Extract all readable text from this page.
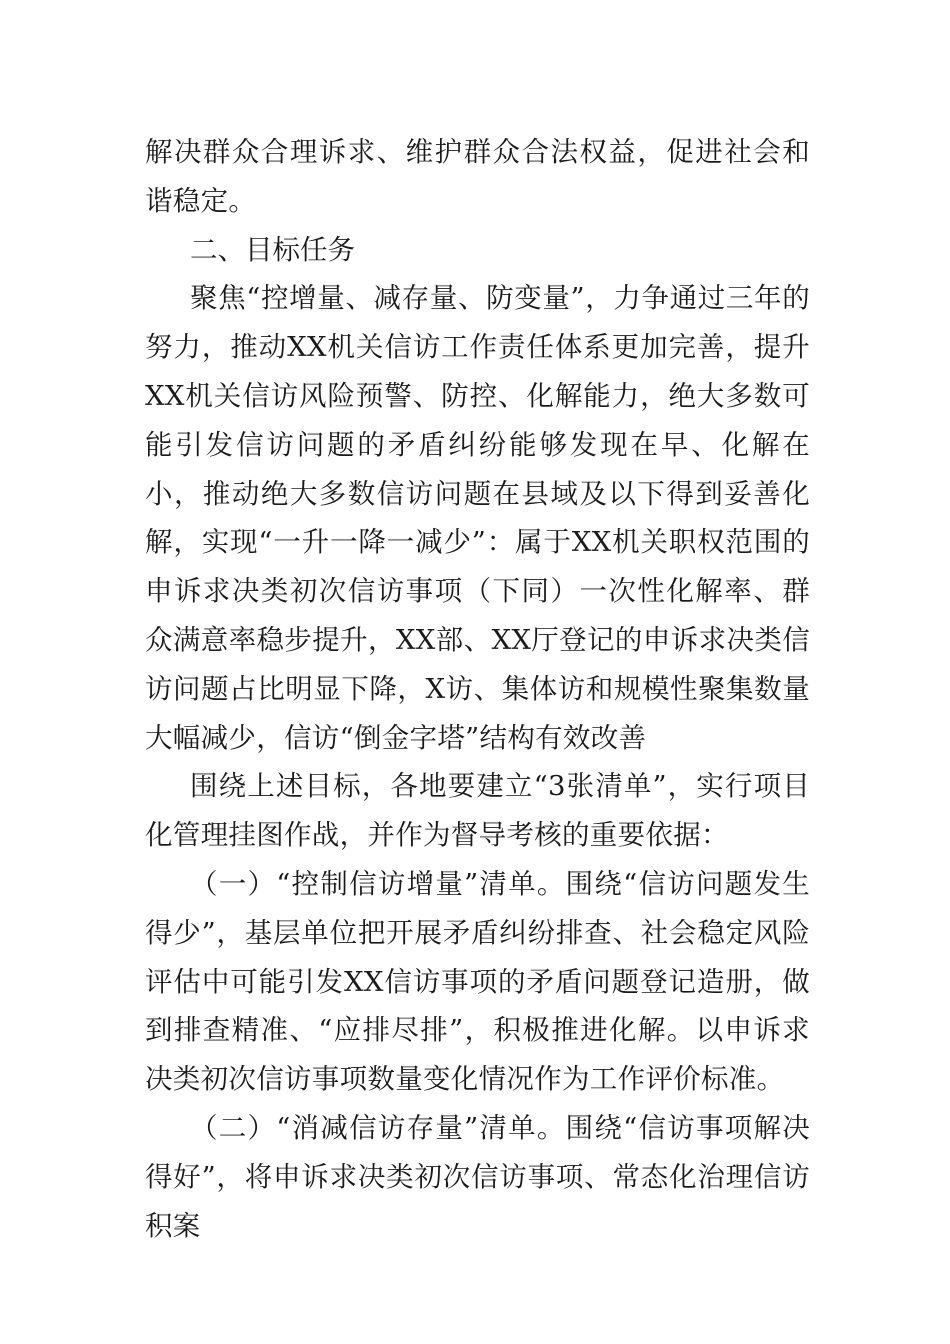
解决群众合理诉求、维护群众合法权益，促进社会和谐稳定。

二、目标任务

聚焦“控增量、减存量、防变量”，力争通过三年的努力，推动XX机关信访工作责任体系更加完善，提升XX机关信访风险预警、防控、化解能力，绝大多数可能引发信访问题的矛盾纠纷能够发现在早、化解在小，推动绝大多数信访问题在县域及以下得到妥善化解，实现“一升一降一减少”：属于XX机关职权范围的申诉求决类初次信访事项（下同）一次性化解率、群众满意率稳步提升，XX部、XX厅登记的申诉求决类信访问题占比明显下降，X访、集体访和规模性聚集数量大幅减少，信访“倒金字塔”结构有效改善

围绕上述目标，各地要建立“3张清单”，实行项目化管理挂图作战，并作为督导考核的重要依据：

（一）“控制信访增量”清单。围绕“信访问题发生得少”，基层单位把开展矛盾纠纷排查、社会稳定风险评估中可能引发XX信访事项的矛盾问题登记造册，做到排查精准、“应排尽排”，积极推进化解。以申诉求决类初次信访事项数量变化情况作为工作评价标准。

（二）“消减信访存量”清单。围绕“信访事项解决得好”，将申诉求决类初次信访事项、常态化治理信访积案
